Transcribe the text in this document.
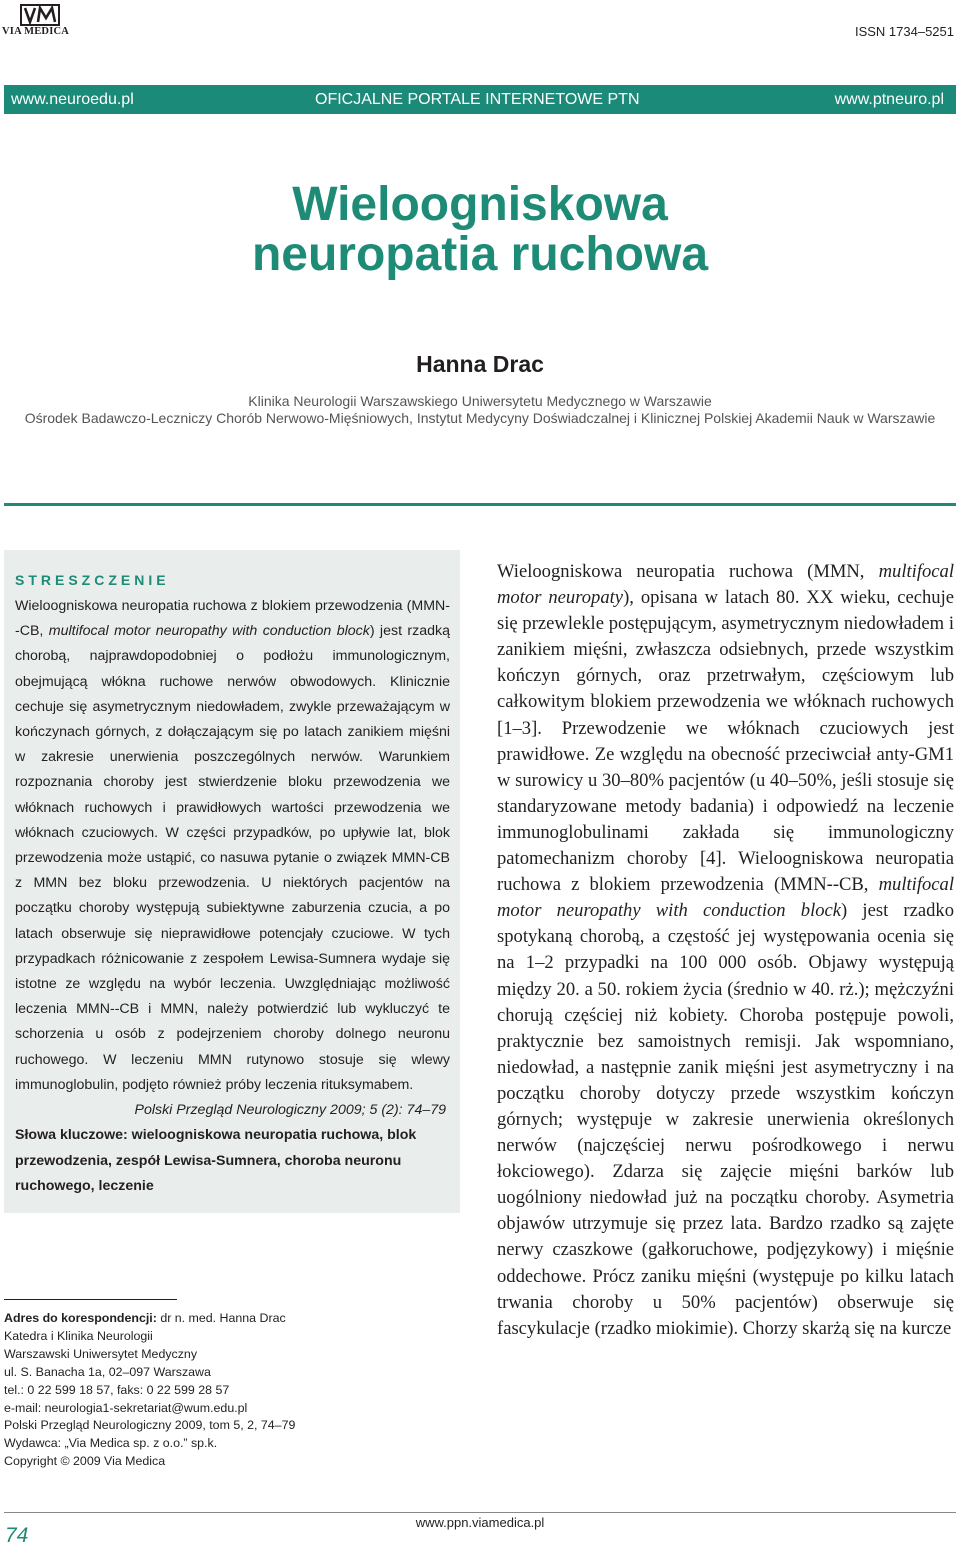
VIA MEDICA	ISSN 1734–5251
www.neuroedu.pl	OFICJALNE PORTALE INTERNETOWE PTN	www.ptneuro.pl
Wieloogniskowa
neuropatia ruchowa
Hanna Drac
Klinika Neurologii Warszawskiego Uniwersytetu Medycznego w Warszawie
Ośrodek Badawczo-Leczniczy Chorób Nerwowo-Mięśniowych, Instytut Medycyny Doświadczalnej i Klinicznej Polskiej Akademii Nauk w Warszawie
STRESZCZENIE
Wieloogniskowa neuropatia ruchowa z blokiem przewodzenia (MMN--CB, multifocal motor neuropathy with conduction block) jest rzadką chorobą, najprawdopodobniej o podłożu immunologicznym, obejmującą włókna ruchowe nerwów obwodowych. Klinicznie cechuje się asymetrycznym niedowładem, zwykle przeważającym w kończynach górnych, z dołączającym się po latach zanikiem mięśni w zakresie unerwienia poszczególnych nerwów. Warunkiem rozpoznania choroby jest stwierdzenie bloku przewodzenia we włóknach ruchowych i prawidłowych wartości przewodzenia we włóknach czuciowych. W części przypadków, po upływie lat, blok przewodzenia może ustąpić, co nasuwa pytanie o związek MMN-CB z MMN bez bloku przewodzenia. U niektórych pacjentów na początku choroby występują subiektywne zaburzenia czucia, a po latach obserwuje się nieprawidłowe potencjały czuciowe. W tych przypadkach różnicowanie z zespołem Lewisa-Sumnera wydaje się istotne ze względu na wybór leczenia. Uwzględniając możliwość leczenia MMN--CB i MMN, należy potwierdzić lub wykluczyć te schorzenia u osób z podejrzeniem choroby dolnego neuronu ruchowego. W leczeniu MMN rutynowo stosuje się wlewy immunoglobulin, podjęto również próby leczenia rituksymabem.
Polski Przegląd Neurologiczny 2009; 5 (2): 74–79
Słowa kluczowe: wieloogniskowa neuropatia ruchowa, blok przewodzenia, zespół Lewisa-Sumnera, choroba neuronu ruchowego, leczenie
Adres do korespondencji: dr n. med. Hanna Drac
Katedra i Klinika Neurologii
Warszawski Uniwersytet Medyczny
ul. S. Banacha 1a, 02–097 Warszawa
tel.: 0 22 599 18 57, faks: 0 22 599 28 57
e-mail: neurologia1-sekretariat@wum.edu.pl
Polski Przegląd Neurologiczny 2009, tom 5, 2, 74–79
Wydawca: „Via Medica sp. z o.o.” sp.k.
Copyright © 2009 Via Medica
Wieloogniskowa neuropatia ruchowa (MMN, multifocal motor neuropaty), opisana w latach 80. XX wieku, cechuje się przewlekle postępującym, asymetrycznym niedowładem i zanikiem mięśni, zwłaszcza odsiebnych, przede wszystkim kończyn górnych, oraz przetrwałym, częściowym lub całkowitym blokiem przewodzenia we włóknach ruchowych [1–3]. Przewodzenie we włóknach czuciowych jest prawidłowe. Ze względu na obecność przeciwciał anty-GM1 w surowicy u 30–80% pacjentów (u 40–50%, jeśli stosuje się standaryzowane metody badania) i odpowiedź na leczenie immunoglobulinami zakłada się immunologiczny patomechanizm choroby [4]. Wieloogniskowa neuropatia ruchowa z blokiem przewodzenia (MMN--CB, multifocal motor neuropathy with conduction block) jest rzadko spotykaną chorobą, a częstość jej występowania ocenia się na 1–2 przypadki na 100 000 osób. Objawy występują między 20. a 50. rokiem życia (średnio w 40. rż.); mężczyźni chorują częściej niż kobiety. Choroba postępuje powoli, praktycznie bez samoistnych remisji. Jak wspomniano, niedowład, a następnie zanik mięśni jest asymetryczny i na początku choroby dotyczy przede wszystkim kończyn górnych; występuje w zakresie unerwienia określonych nerwów (najczęściej nerwu pośrodkowego i nerwu łokciowego). Zdarza się zajęcie mięśni barków lub uogólniony niedowład już na początku choroby. Asymetria objawów utrzymuje się przez lata. Bardzo rzadko są zajęte nerwy czaszkowe (gałkoruchowe, podjęzykowy) i mięśnie oddechowe. Prócz zaniku mięśni (występuje po kilku latach trwania choroby u 50% pacjentów) obserwuje się fascykulacje (rzadko miokimie). Chorzy skarżą się na kurcze
74
www.ppn.viamedica.pl
